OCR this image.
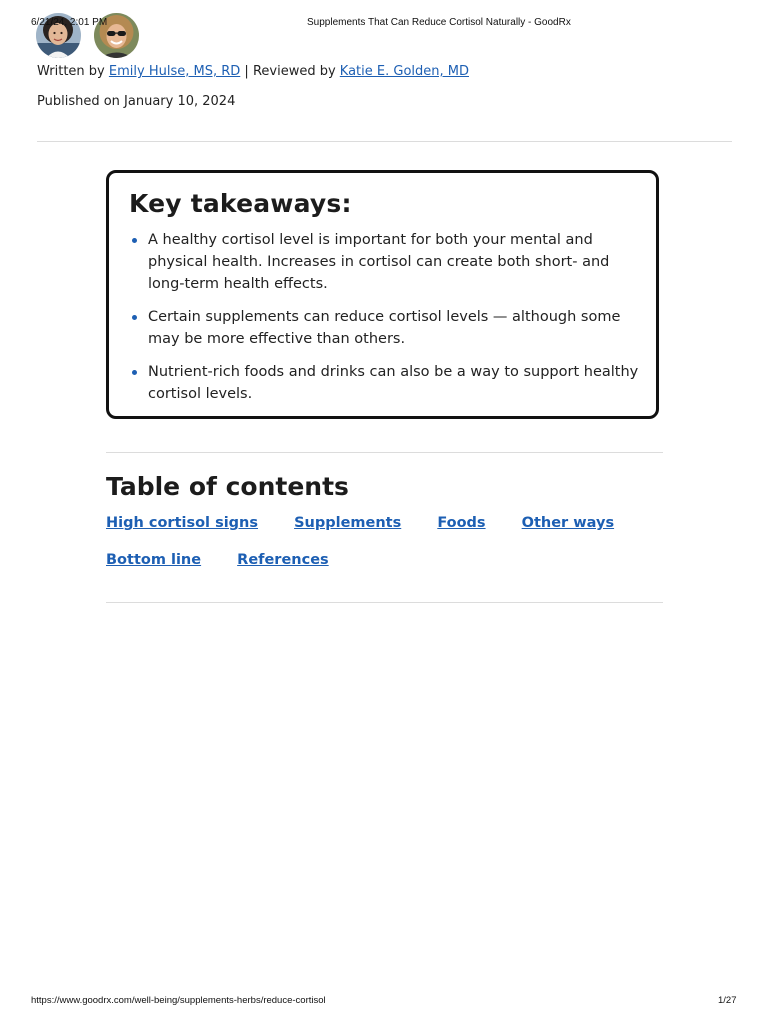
6/21/24, 2:01 PM	Supplements That Can Reduce Cortisol Naturally - GoodRx
Written by Emily Hulse, MS, RD | Reviewed by Katie E. Golden, MD
Published on January 10, 2024
Key takeaways:
A healthy cortisol level is important for both your mental and physical health. Increases in cortisol can create both short- and long-term health effects.
Certain supplements can reduce cortisol levels — although some may be more effective than others.
Nutrient-rich foods and drinks can also be a way to support healthy cortisol levels.
Table of contents
High cortisol signs Supplements Foods Other ways
Bottom line References
https://www.goodrx.com/well-being/supplements-herbs/reduce-cortisol	1/27
